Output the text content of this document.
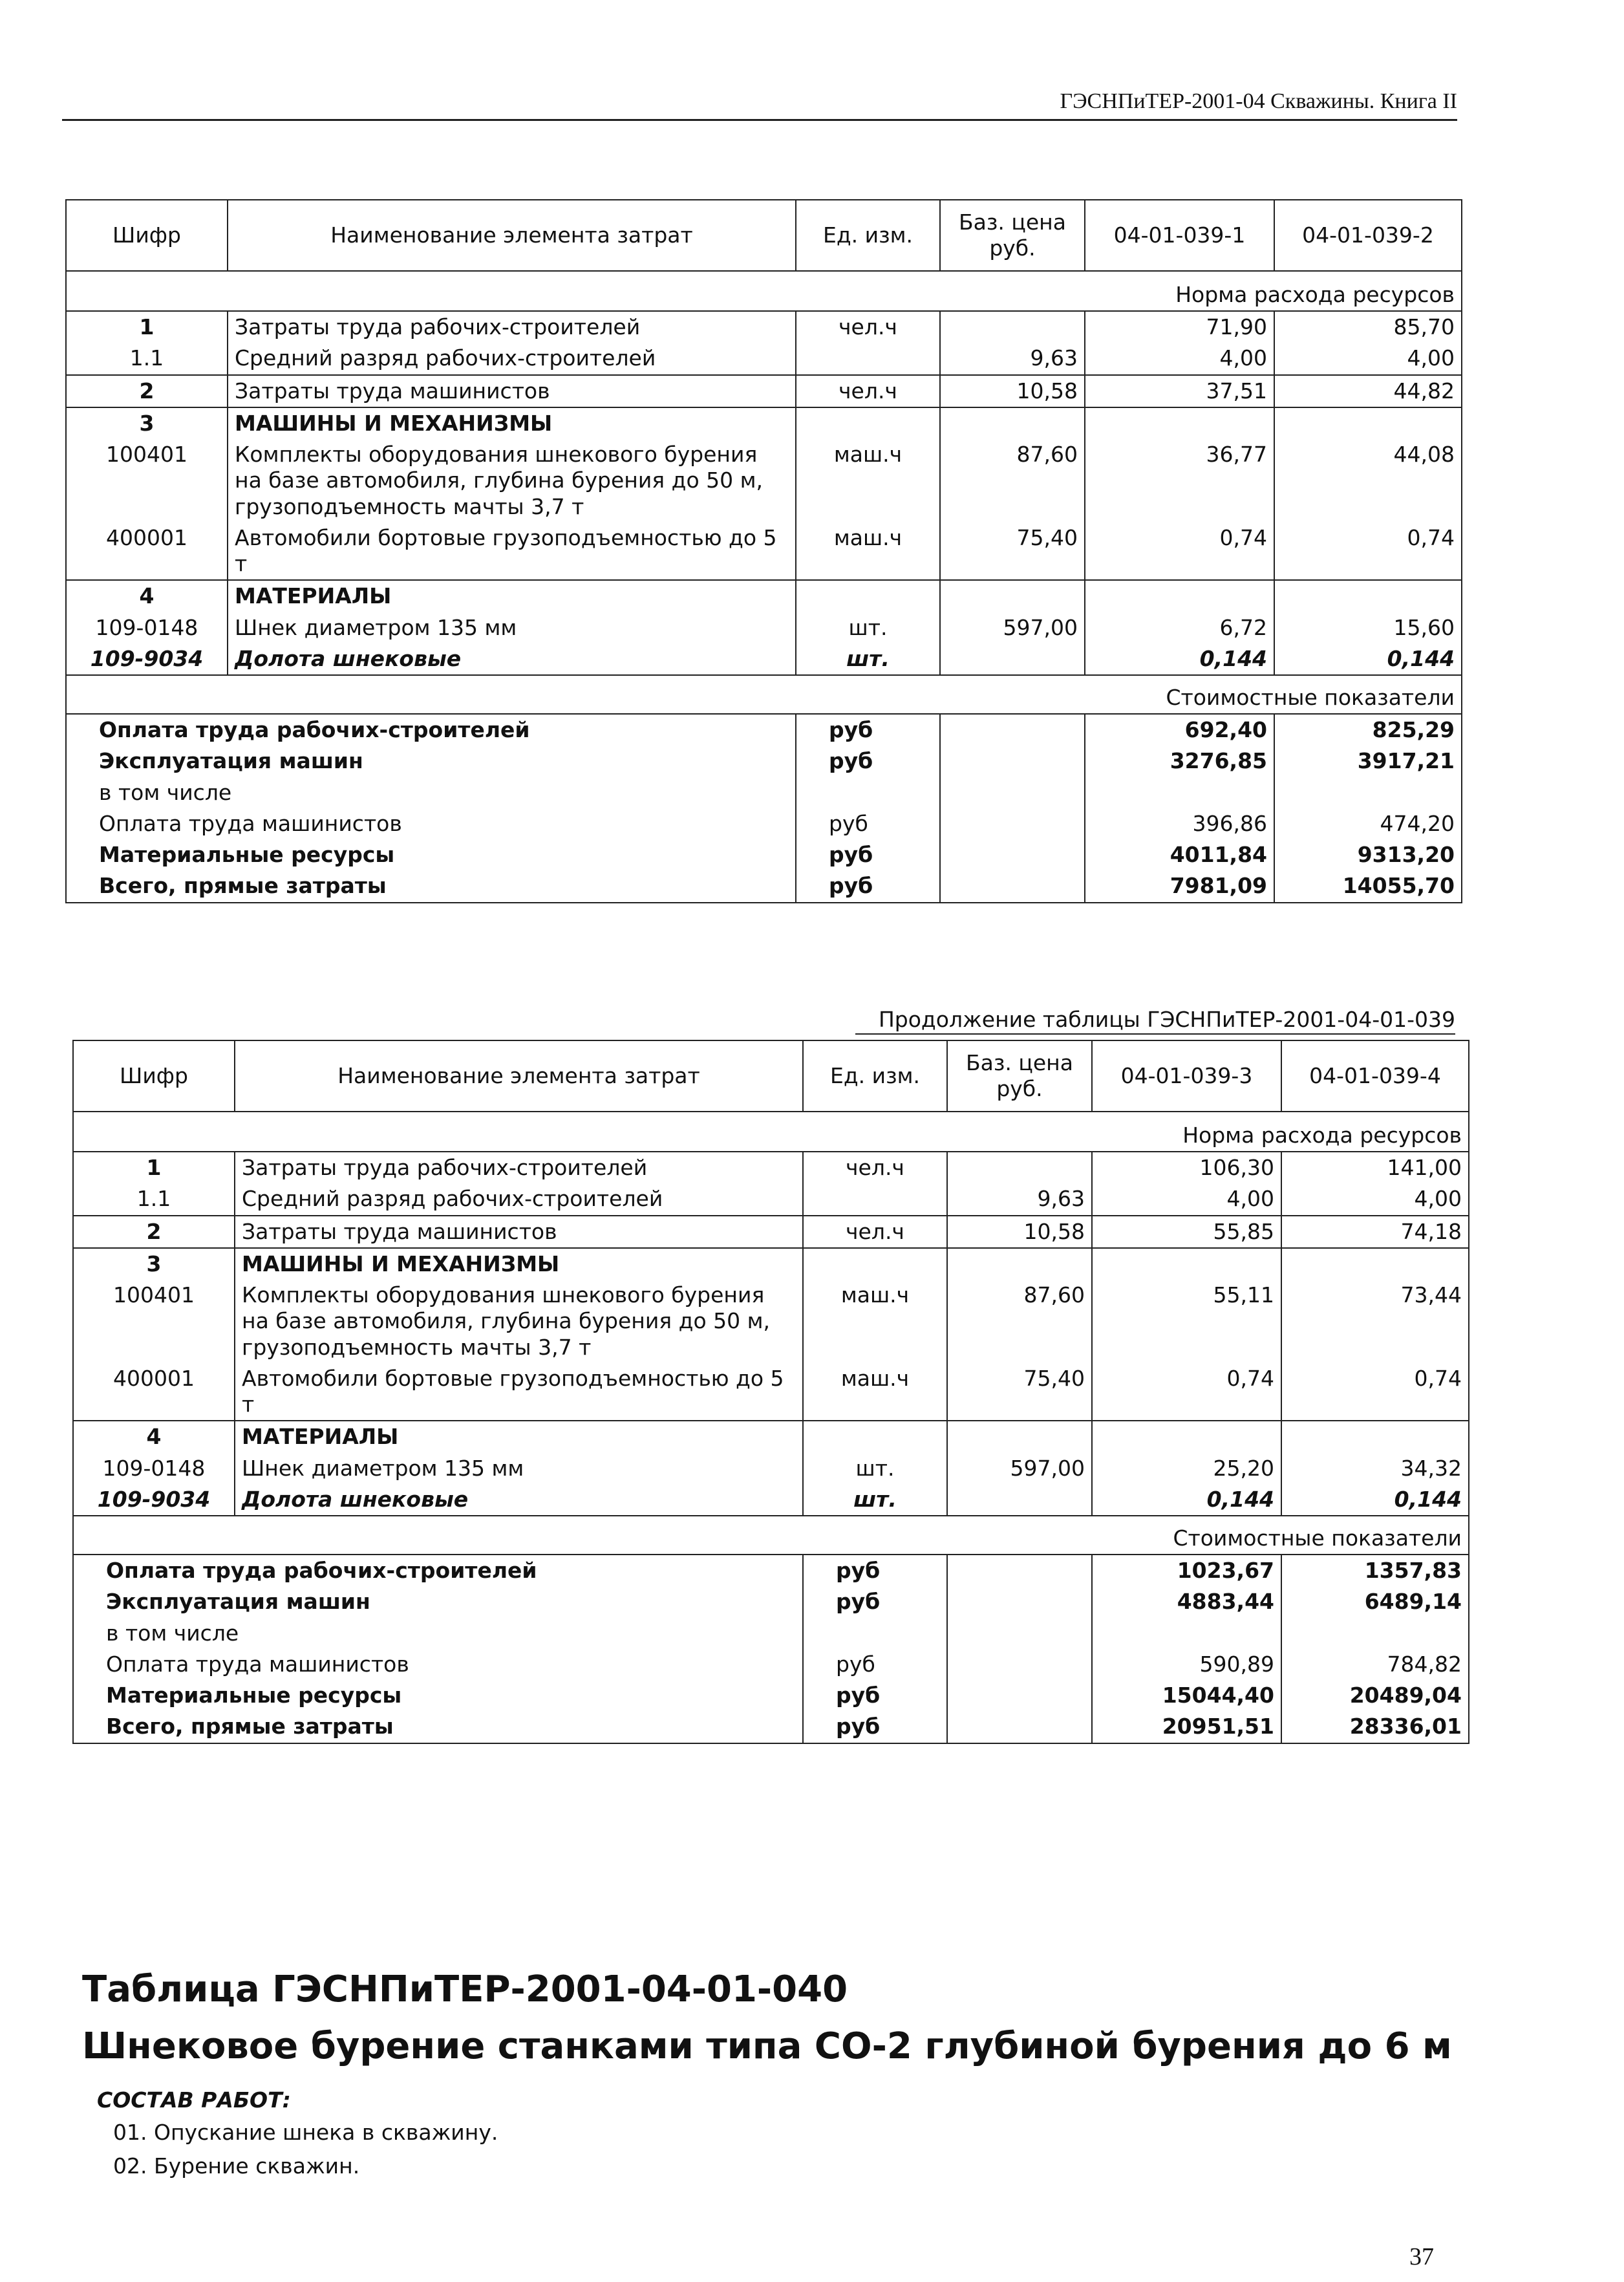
ГЭСНПиТЕР-2001-04 Скважины. Книга II
Шифр	Наименование элемента затрат	Ед. изм.	Баз. цена руб.	04-01-039-1	04-01-039-2
Норма расхода ресурсов					
1	Затраты труда рабочих-строителей	чел.ч		71,90	85,70
1.1	Средний разряд рабочих-строителей		9,63	4,00	4,00
2	Затраты труда машинистов	чел.ч	10,58	37,51	44,82
3	МАШИНЫ И МЕХАНИЗМЫ				
100401	Комплекты оборудования шнекового бурения на базе автомобиля, глубина бурения до 50 м, грузоподъемность мачты 3,7 т	маш.ч	87,60	36,77	44,08
400001	Автомобили бортовые грузоподъемностью до 5 т	маш.ч	75,40	0,74	0,74
4	МАТЕРИАЛЫ				
109-0148	Шнек диаметром 135 мм	шт.	597,00	6,72	15,60
109-9034	Долота шнековые	шт.		0,144	0,144
Стоимостные показатели					
Оплата труда рабочих-строителей		руб		692,40	825,29
Эксплуатация машин		руб		3276,85	3917,21
в том числе					
Оплата труда машинистов		руб		396,86	474,20
Материальные ресурсы		руб		4011,84	9313,20
Всего, прямые затраты		руб		7981,09	14055,70
Шифр	Наименование элемента затрат	Ед. изм.	Баз. цена руб.	04-01-039-3	04-01-039-4
Норма расхода ресурсов					
1	Затраты труда рабочих-строителей	чел.ч		106,30	141,00
1.1	Средний разряд рабочих-строителей		9,63	4,00	4,00
2	Затраты труда машинистов	чел.ч	10,58	55,85	74,18
3	МАШИНЫ И МЕХАНИЗМЫ				
100401	Комплекты оборудования шнекового бурения на базе автомобиля, глубина бурения до 50 м, грузоподъемность мачты 3,7 т	маш.ч	87,60	55,11	73,44
400001	Автомобили бортовые грузоподъемностью до 5 т	маш.ч	75,40	0,74	0,74
4	МАТЕРИАЛЫ				
109-0148	Шнек диаметром 135 мм	шт.	597,00	25,20	34,32
109-9034	Долота шнековые	шт.		0,144	0,144
Стоимостные показатели					
Оплата труда рабочих-строителей		руб		1023,67	1357,83
Эксплуатация машин		руб		4883,44	6489,14
в том числе					
Оплата труда машинистов		руб		590,89	784,82
Материальные ресурсы		руб		15044,40	20489,04
Всего, прямые затраты		руб		20951,51	28336,01
Продолжение таблицы ГЭСНПиТЕР-2001-04-01-039
Таблица ГЭСНПиТЕР-2001-04-01-040
Шнековое бурение станками типа СО-2 глубиной бурения до 6 м
СОСТАВ РАБОТ:
01. Опускание шнека в скважину.
02. Бурение скважин.
37
